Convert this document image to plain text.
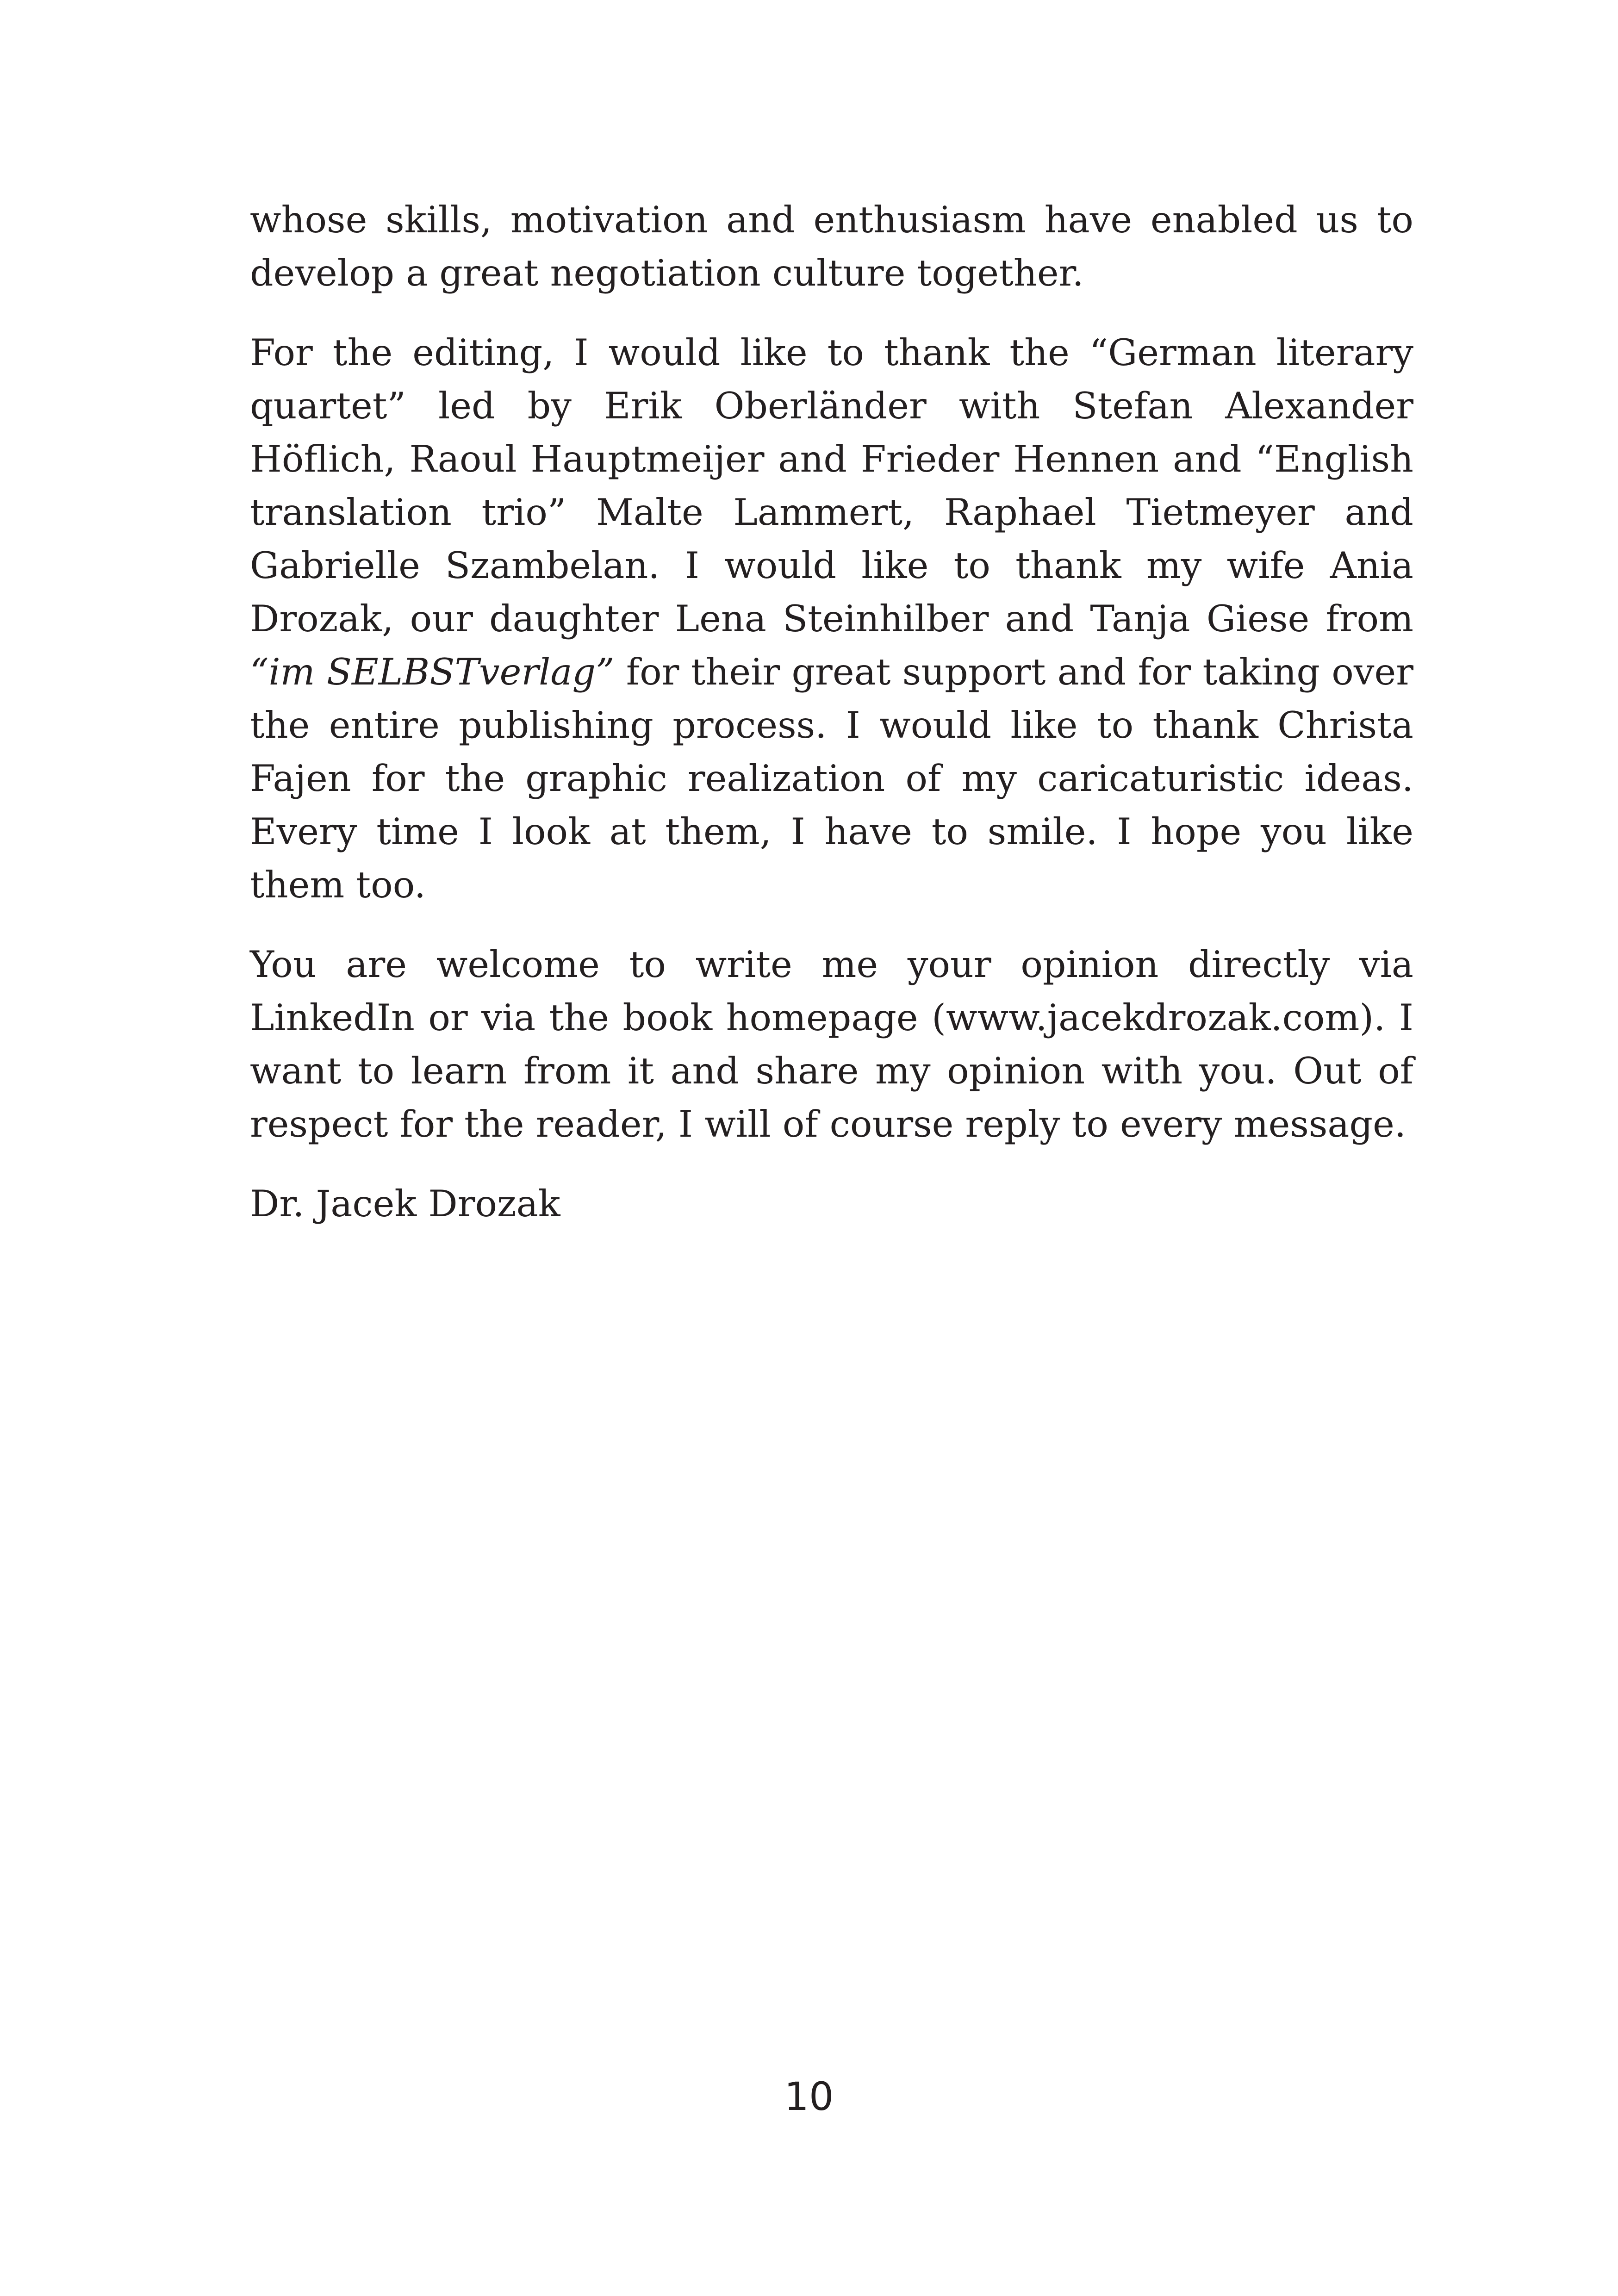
whose skills, motivation and enthusiasm have enabled us to develop a great negotiation culture together.

For the editing, I would like to thank the “German literary quartet” led by Erik Oberländer with Stefan Alexander Höflich, Raoul Hauptmeijer and Frieder Hennen and “English translation trio” Malte Lammert, Raphael Tietmeyer and Gabrielle Szambelan. I would like to thank my wife Ania Drozak, our daughter Lena Steinhilber and Tanja Giese from “im SELBSTverlag” for their great support and for taking over the entire publishing process. I would like to thank Christa Fajen for the graphic realization of my caricaturistic ideas. Every time I look at them, I have to smile. I hope you like them too.

You are welcome to write me your opinion directly via LinkedIn or via the book homepage (www.jacekdrozak.com). I want to learn from it and share my opinion with you. Out of respect for the reader, I will of course reply to every message.

Dr. Jacek Drozak

10
